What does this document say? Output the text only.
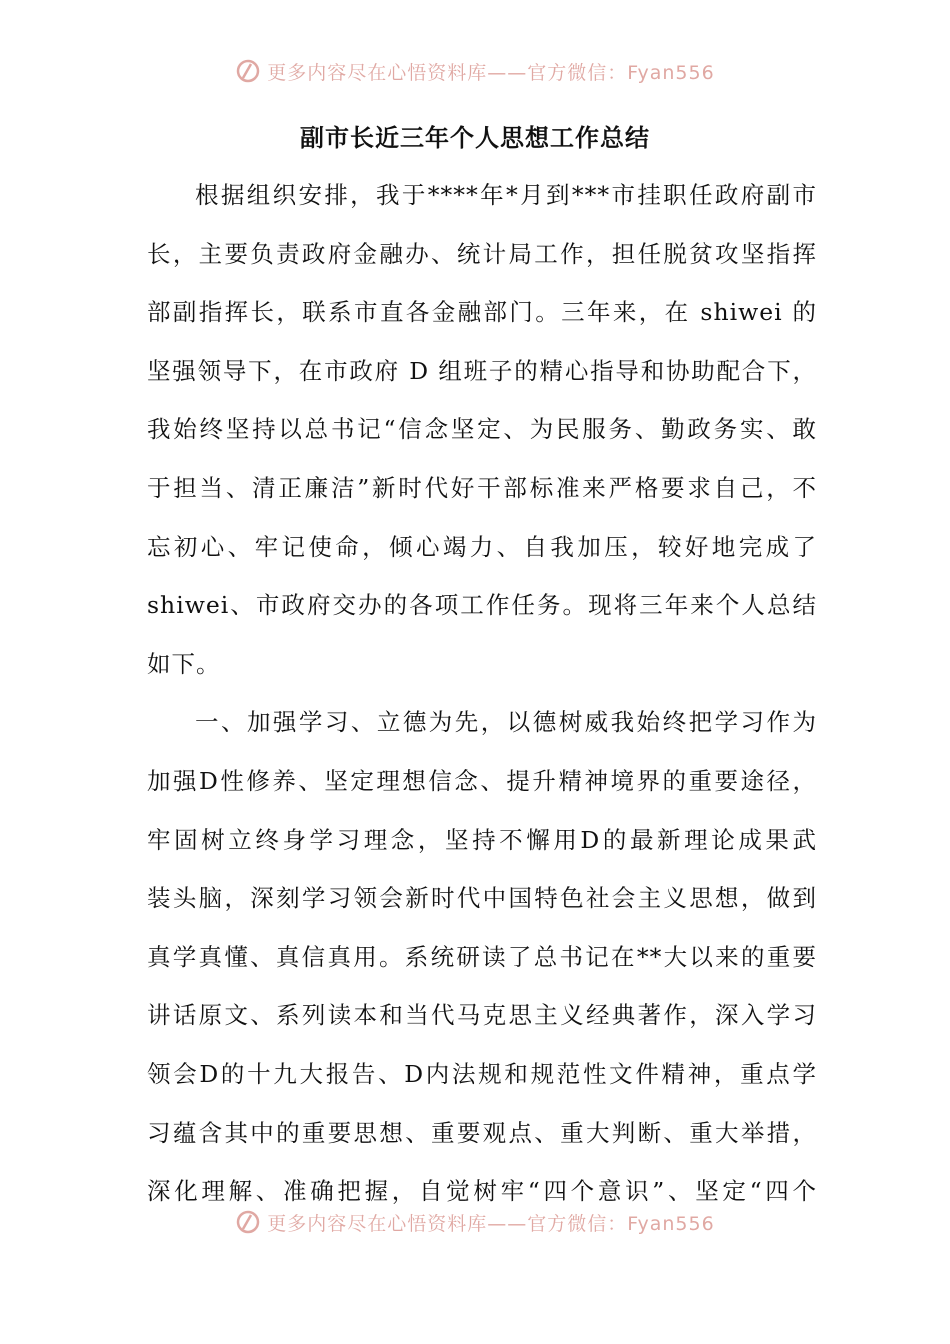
更多内容尽在心悟资料库——官方微信：Fyan556
副市长近三年个人思想工作总结
根据组织安排，我于****年*月到***市挂职任政府副市
长，主要负责政府金融办、统计局工作，担任脱贫攻坚指挥
部副指挥长，联系市直各金融部门。三年来，在 shiwei 的
坚强领导下，在市政府 D 组班子的精心指导和协助配合下，
我始终坚持以总书记“信念坚定、为民服务、勤政务实、敢
于担当、清正廉洁”新时代好干部标准来严格要求自己，不
忘初心、牢记使命，倾心竭力、自我加压，较好地完成了
shiwei、市政府交办的各项工作任务。现将三年来个人总结
如下。
一、加强学习、立德为先，以德树威我始终把学习作为
加强D性修养、坚定理想信念、提升精神境界的重要途径，
牢固树立终身学习理念，坚持不懈用D的最新理论成果武
装头脑，深刻学习领会新时代中国特色社会主义思想，做到
真学真懂、真信真用。系统研读了总书记在**大以来的重要
讲话原文、系列读本和当代马克思主义经典著作，深入学习
领会D的十九大报告、D内法规和规范性文件精神，重点学
习蕴含其中的重要思想、重要观点、重大判断、重大举措，
深化理解、准确把握，自觉树牢“四个意识”、坚定“四个
更多内容尽在心悟资料库——官方微信：Fyan556
